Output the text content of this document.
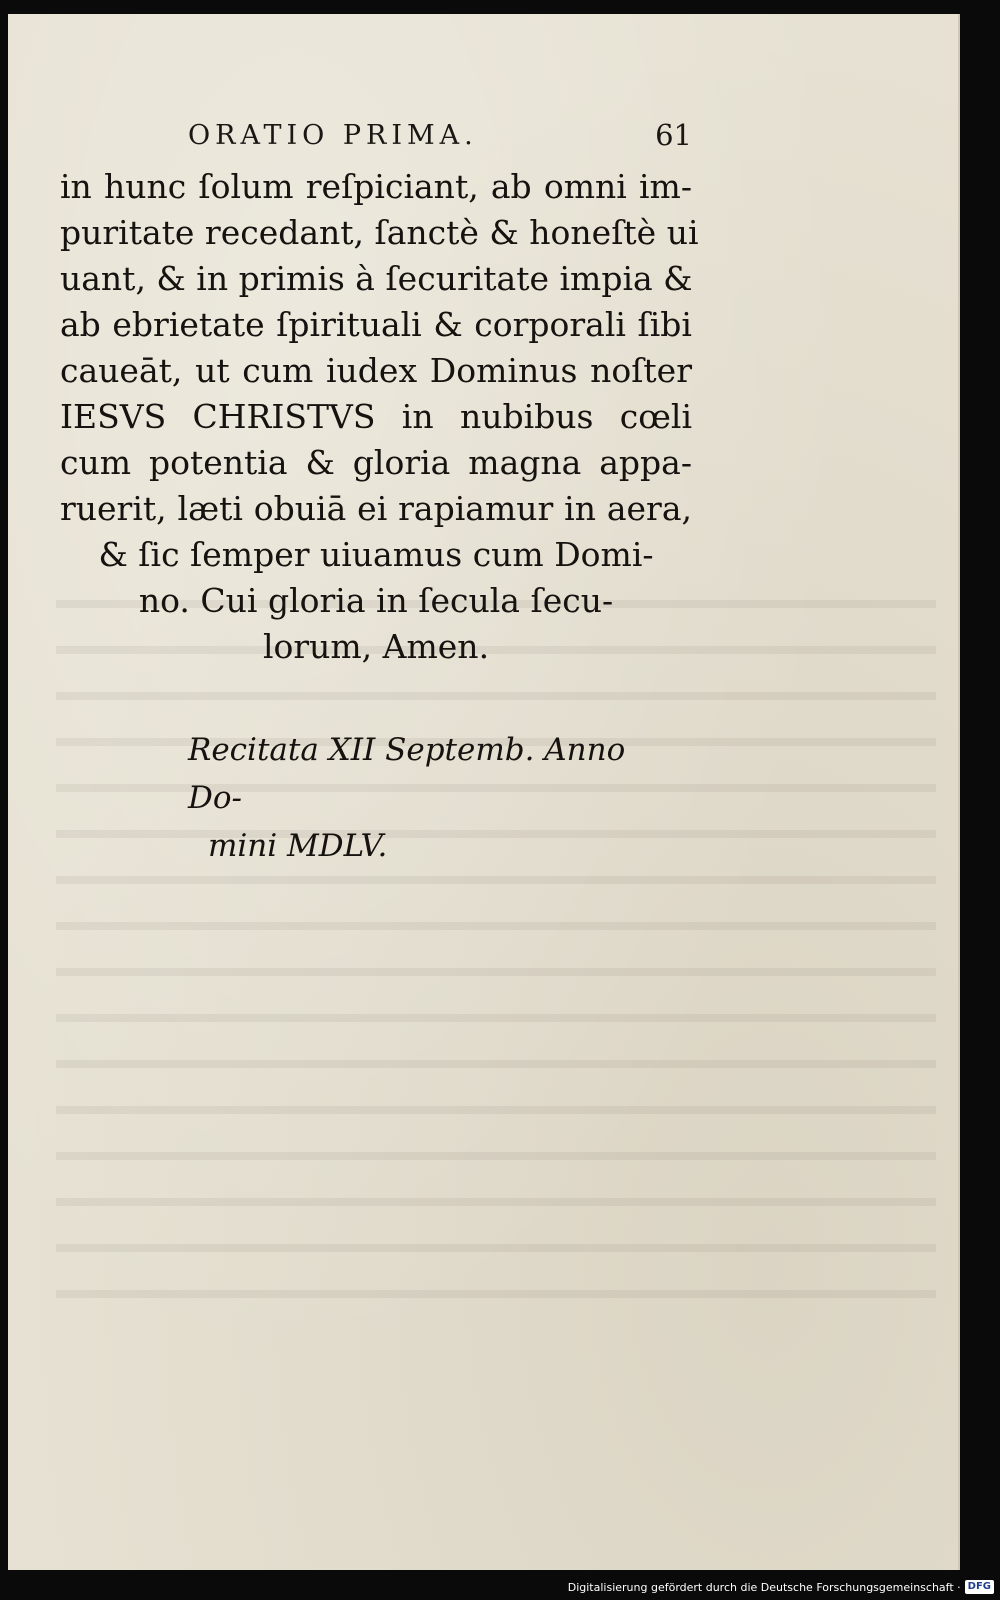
ORATIO PRIMA.	61
in hunc ſolum reſpiciant, ab omni im-
puritate recedant, ſanctè & honeſtè ui
uant, & in primis à ſecuritate impia &
ab ebrietate ſpirituali & corporali ſibi
caueāt, ut cum iudex Dominus noſter
IESVS CHRISTVS in nubibus cœli
cum potentia & gloria magna appa-
ruerit, læti obuiā ei rapiamur in aera,
& ſic ſemper uiuamus cum Domi-
no. Cui gloria in ſecula ſecu-
lorum, Amen.
Recitata XII Septemb. Anno Do-
mini MDLV.
Digitalisierung gefördert durch die Deutsche Forschungsgemeinschaft · DFG
